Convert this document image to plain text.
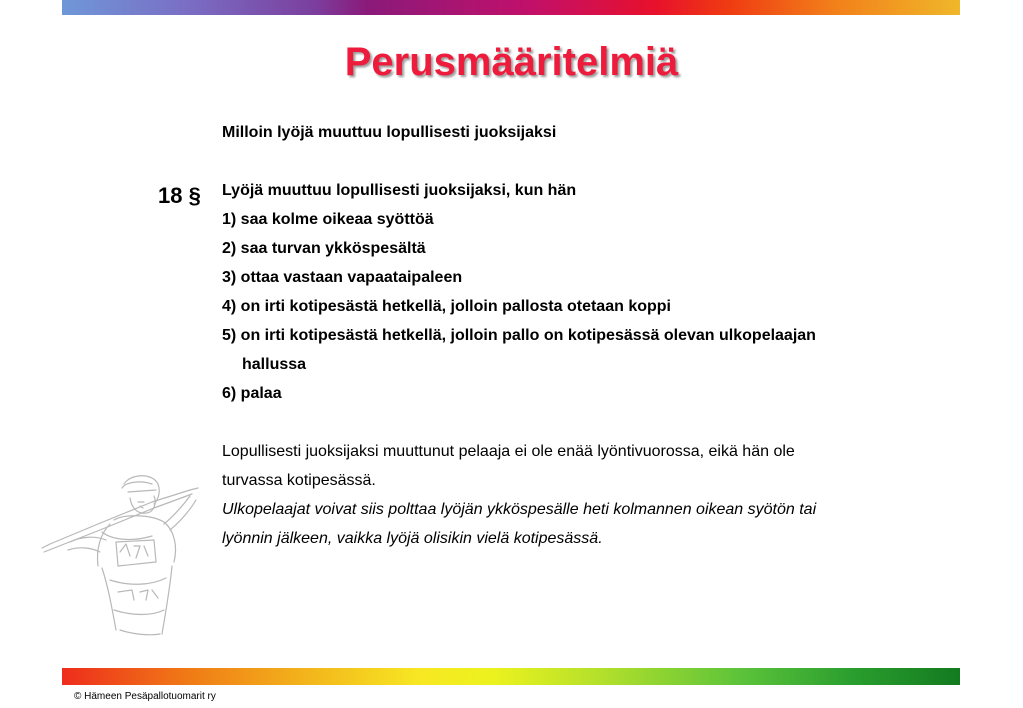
Perusmääritelmiä
18 §
Milloin lyöjä muuttuu lopullisesti juoksijaksi
Lyöjä muuttuu lopullisesti juoksijaksi, kun hän
1) saa kolme oikeaa syöttöä
2) saa turvan ykköspesältä
3) ottaa vastaan vapaataipaleen
4) on irti kotipesästä hetkellä, jolloin pallosta otetaan koppi
5) on irti kotipesästä hetkellä, jolloin pallo on kotipesässä olevan ulkopelaajan
hallussa
6) palaa
Lopullisesti juoksijaksi muuttunut pelaaja ei ole enää lyöntivuorossa, eikä hän ole
turvassa kotipesässä.
Ulkopelaajat voivat siis polttaa lyöjän ykköspesälle heti kolmannen oikean syötön tai
lyönnin jälkeen, vaikka lyöjä olisikin vielä kotipesässä.
© Hämeen Pesäpallotuomarit ry
